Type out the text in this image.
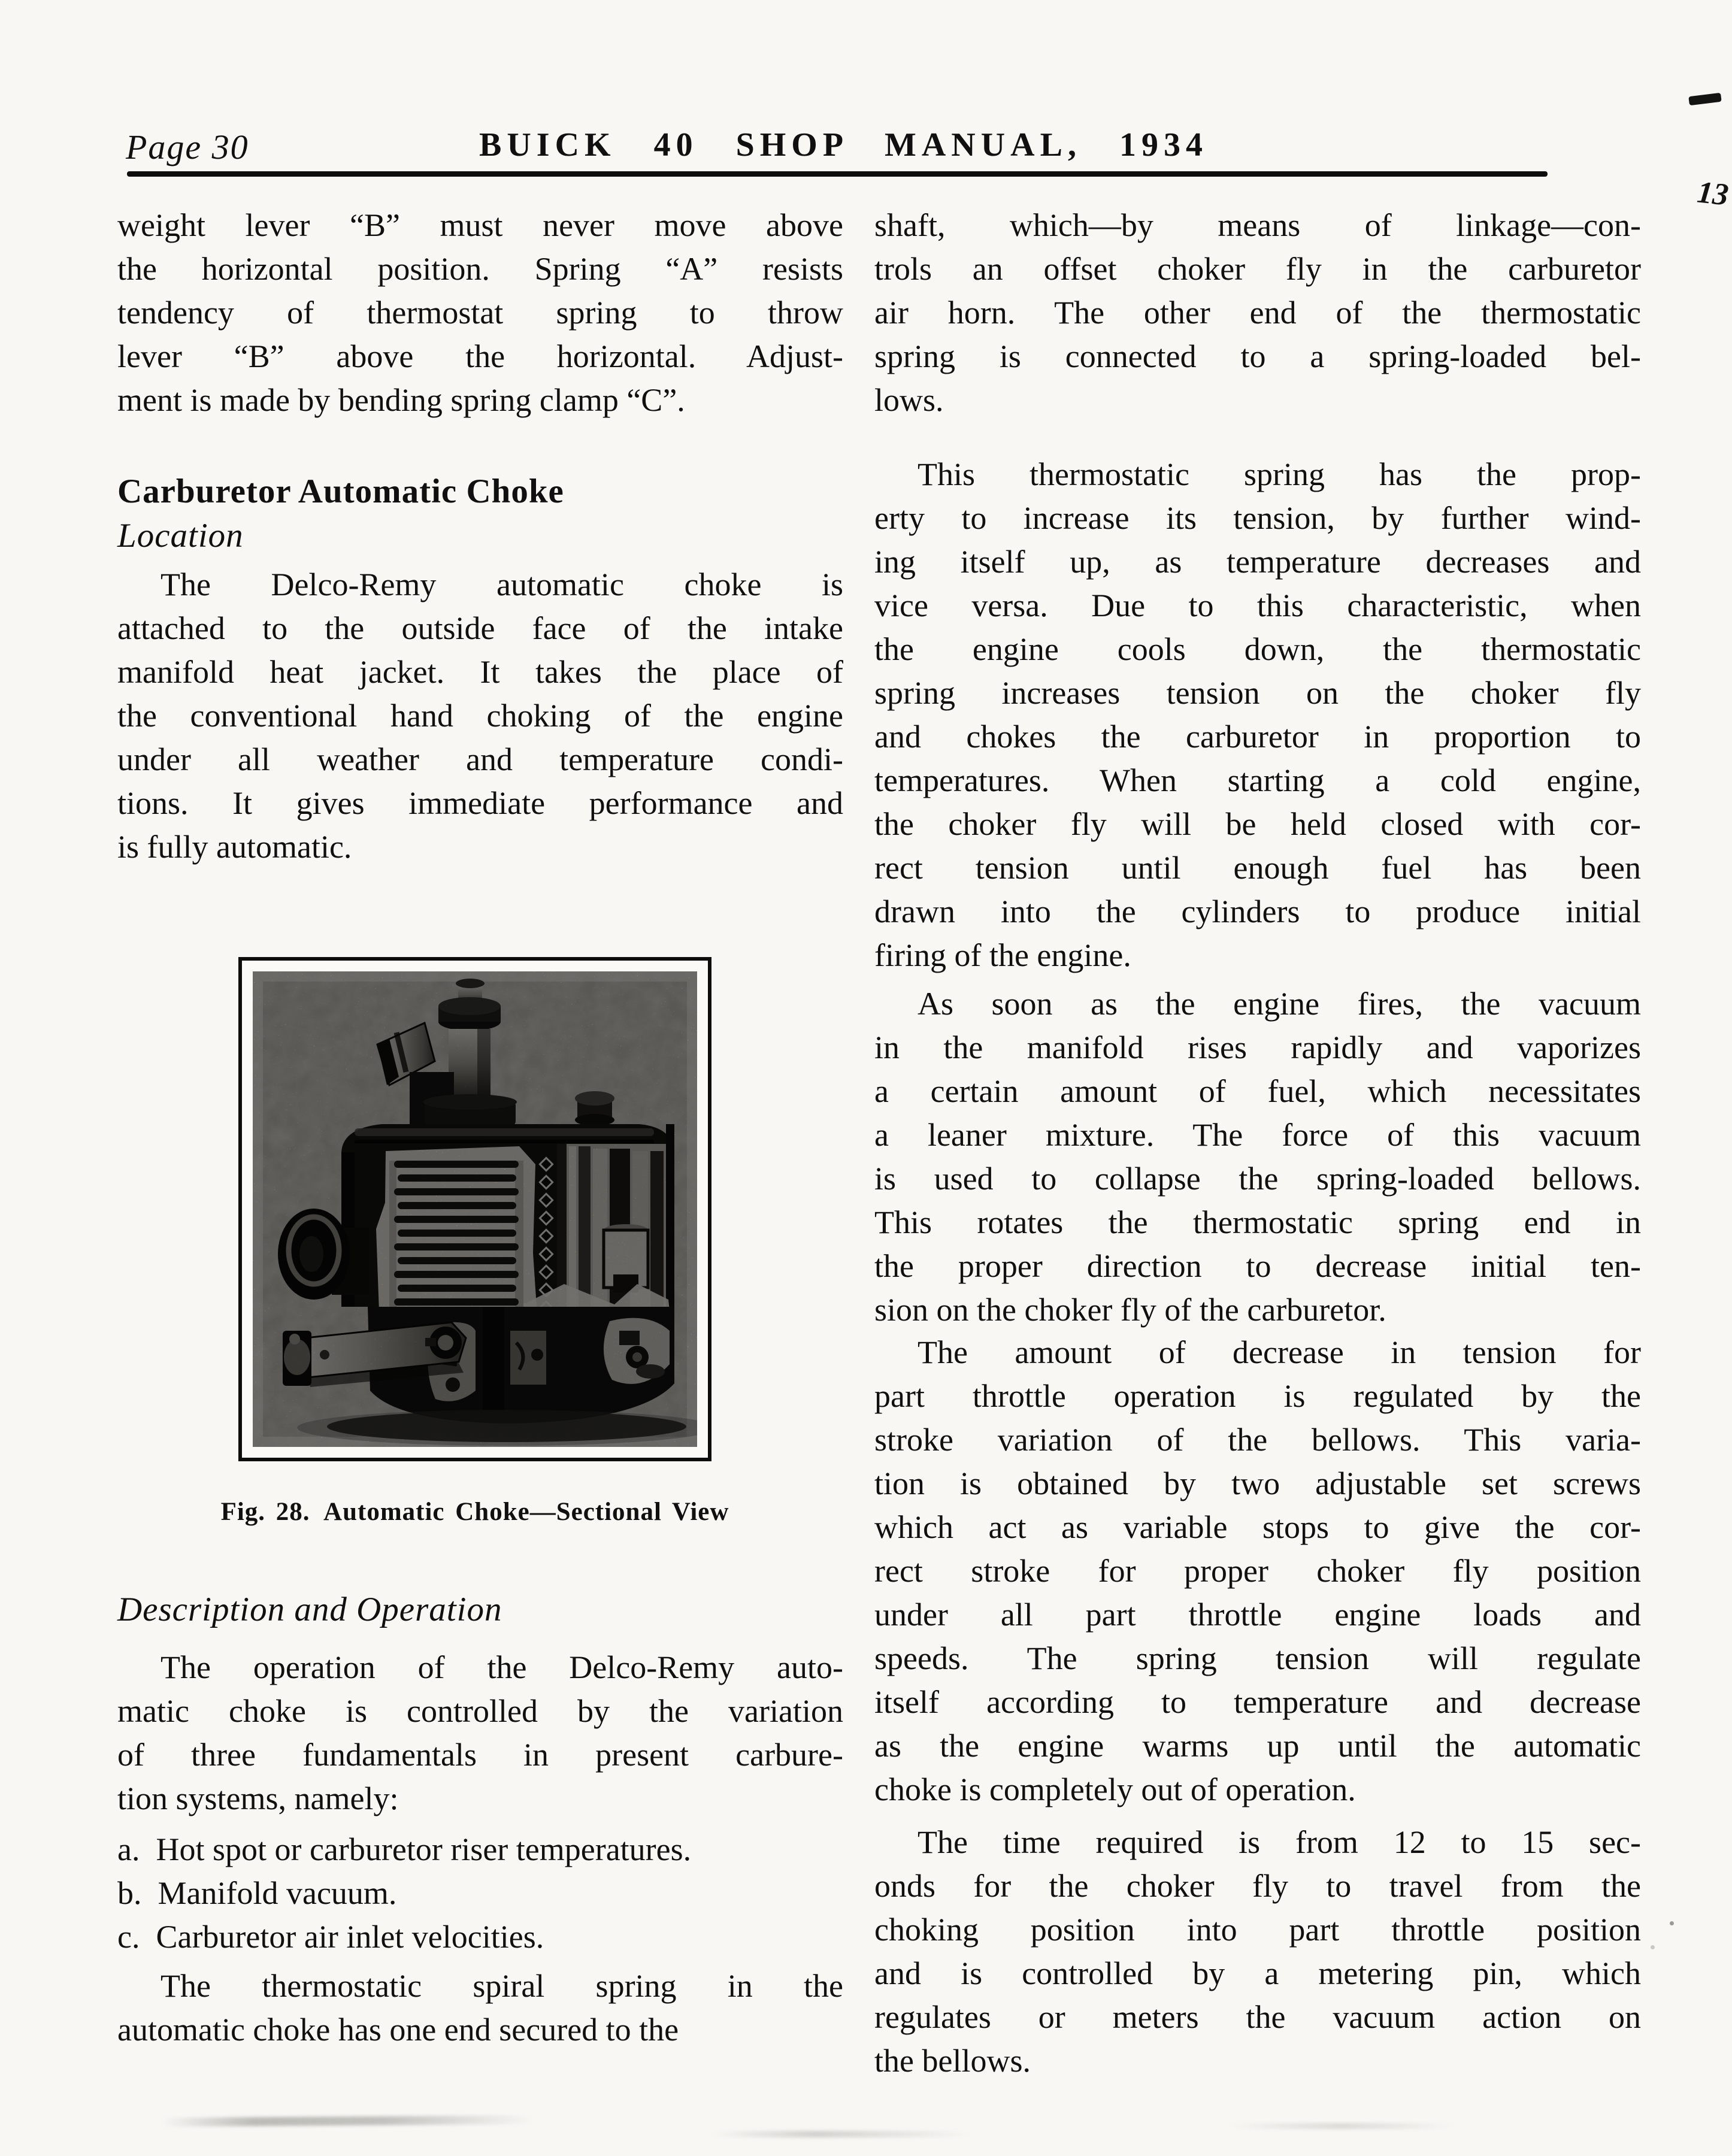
Page 30	BUICK 40 SHOP MANUAL, 1934
weight lever “B” must never move above
the horizontal position. Spring “A” resists
tendency of thermostat spring to throw
lever “B” above the horizontal. Adjust-
ment is made by bending spring clamp “C”.
Carburetor Automatic Choke
Location
The Delco-Remy automatic choke is
attached to the outside face of the intake
manifold heat jacket. It takes the place of
the conventional hand choking of the engine
under all weather and temperature condi-
tions. It gives immediate performance and
is fully automatic.
Fig. 28. Automatic Choke—Sectional View
Description and Operation
The operation of the Delco-Remy auto-
matic choke is controlled by the variation
of three fundamentals in present carbure-
tion systems, namely:
a. Hot spot or carburetor riser temperatures.
b. Manifold vacuum.
c. Carburetor air inlet velocities.
The thermostatic spiral spring in the
automatic choke has one end secured to the
shaft, which—by means of linkage—con-
trols an offset choker fly in the carburetor
air horn. The other end of the thermostatic
spring is connected to a spring-loaded bel-
lows.
This thermostatic spring has the prop-
erty to increase its tension, by further wind-
ing itself up, as temperature decreases and
vice versa. Due to this characteristic, when
the engine cools down, the thermostatic
spring increases tension on the choker fly
and chokes the carburetor in proportion to
temperatures. When starting a cold engine,
the choker fly will be held closed with cor-
rect tension until enough fuel has been
drawn into the cylinders to produce initial
firing of the engine.
As soon as the engine fires, the vacuum
in the manifold rises rapidly and vaporizes
a certain amount of fuel, which necessitates
a leaner mixture. The force of this vacuum
is used to collapse the spring-loaded bellows.
This rotates the thermostatic spring end in
the proper direction to decrease initial ten-
sion on the choker fly of the carburetor.
The amount of decrease in tension for
part throttle operation is regulated by the
stroke variation of the bellows. This varia-
tion is obtained by two adjustable set screws
which act as variable stops to give the cor-
rect stroke for proper choker fly position
under all part throttle engine loads and
speeds. The spring tension will regulate
itself according to temperature and decrease
as the engine warms up until the automatic
choke is completely out of operation.
The time required is from 12 to 15 sec-
onds for the choker fly to travel from the
choking position into part throttle position
and is controlled by a metering pin, which
regulates or meters the vacuum action on
the bellows.
13
